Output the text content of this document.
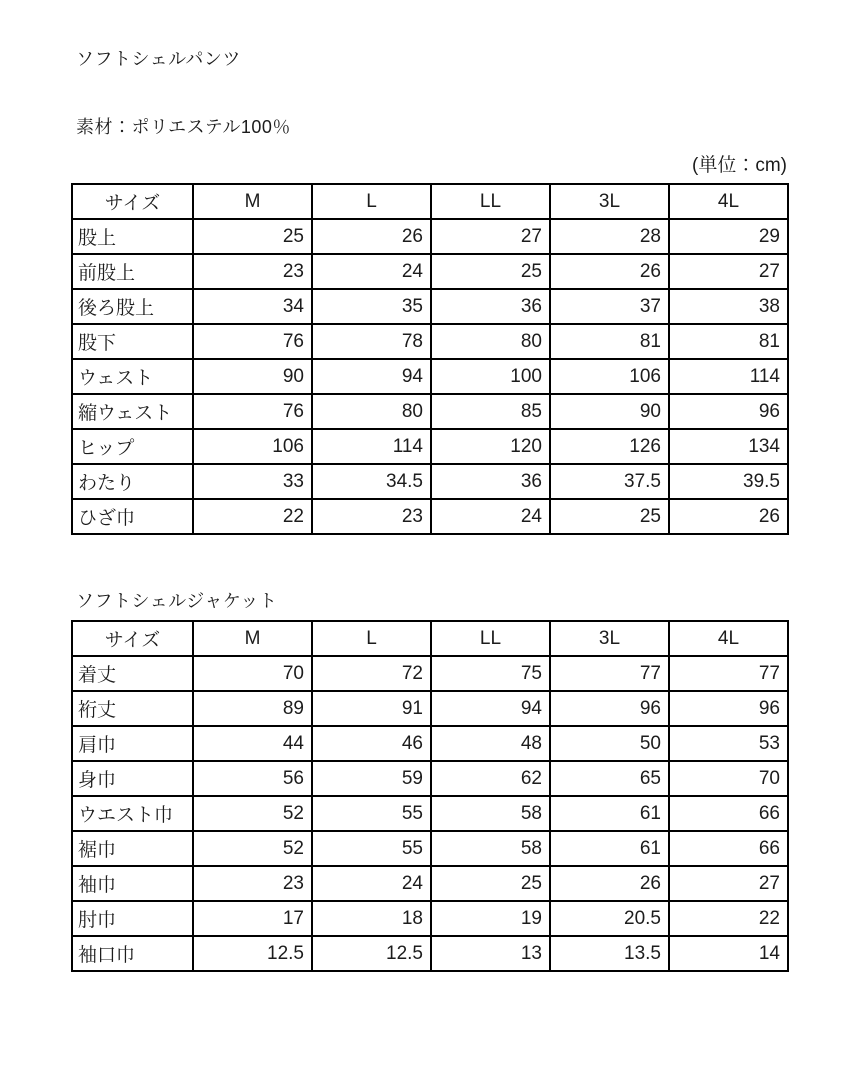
ソフトシェルパンツ
素材：ポリエステル100％
(単位：cm)
サイズ	M	L	LL	3L	4L
股上	25	26	27	28	29
前股上	23	24	25	26	27
後ろ股上	34	35	36	37	38
股下	76	78	80	81	81
ウェスト	90	94	100	106	114
縮ウェスト	76	80	85	90	96
ヒップ	106	114	120	126	134
わたり	33	34.5	36	37.5	39.5
ひざ巾	22	23	24	25	26
ソフトシェルジャケット
サイズ	M	L	LL	3L	4L
着丈	70	72	75	77	77
裄丈	89	91	94	96	96
肩巾	44	46	48	50	53
身巾	56	59	62	65	70
ウエスト巾	52	55	58	61	66
裾巾	52	55	58	61	66
袖巾	23	24	25	26	27
肘巾	17	18	19	20.5	22
袖口巾	12.5	12.5	13	13.5	14
